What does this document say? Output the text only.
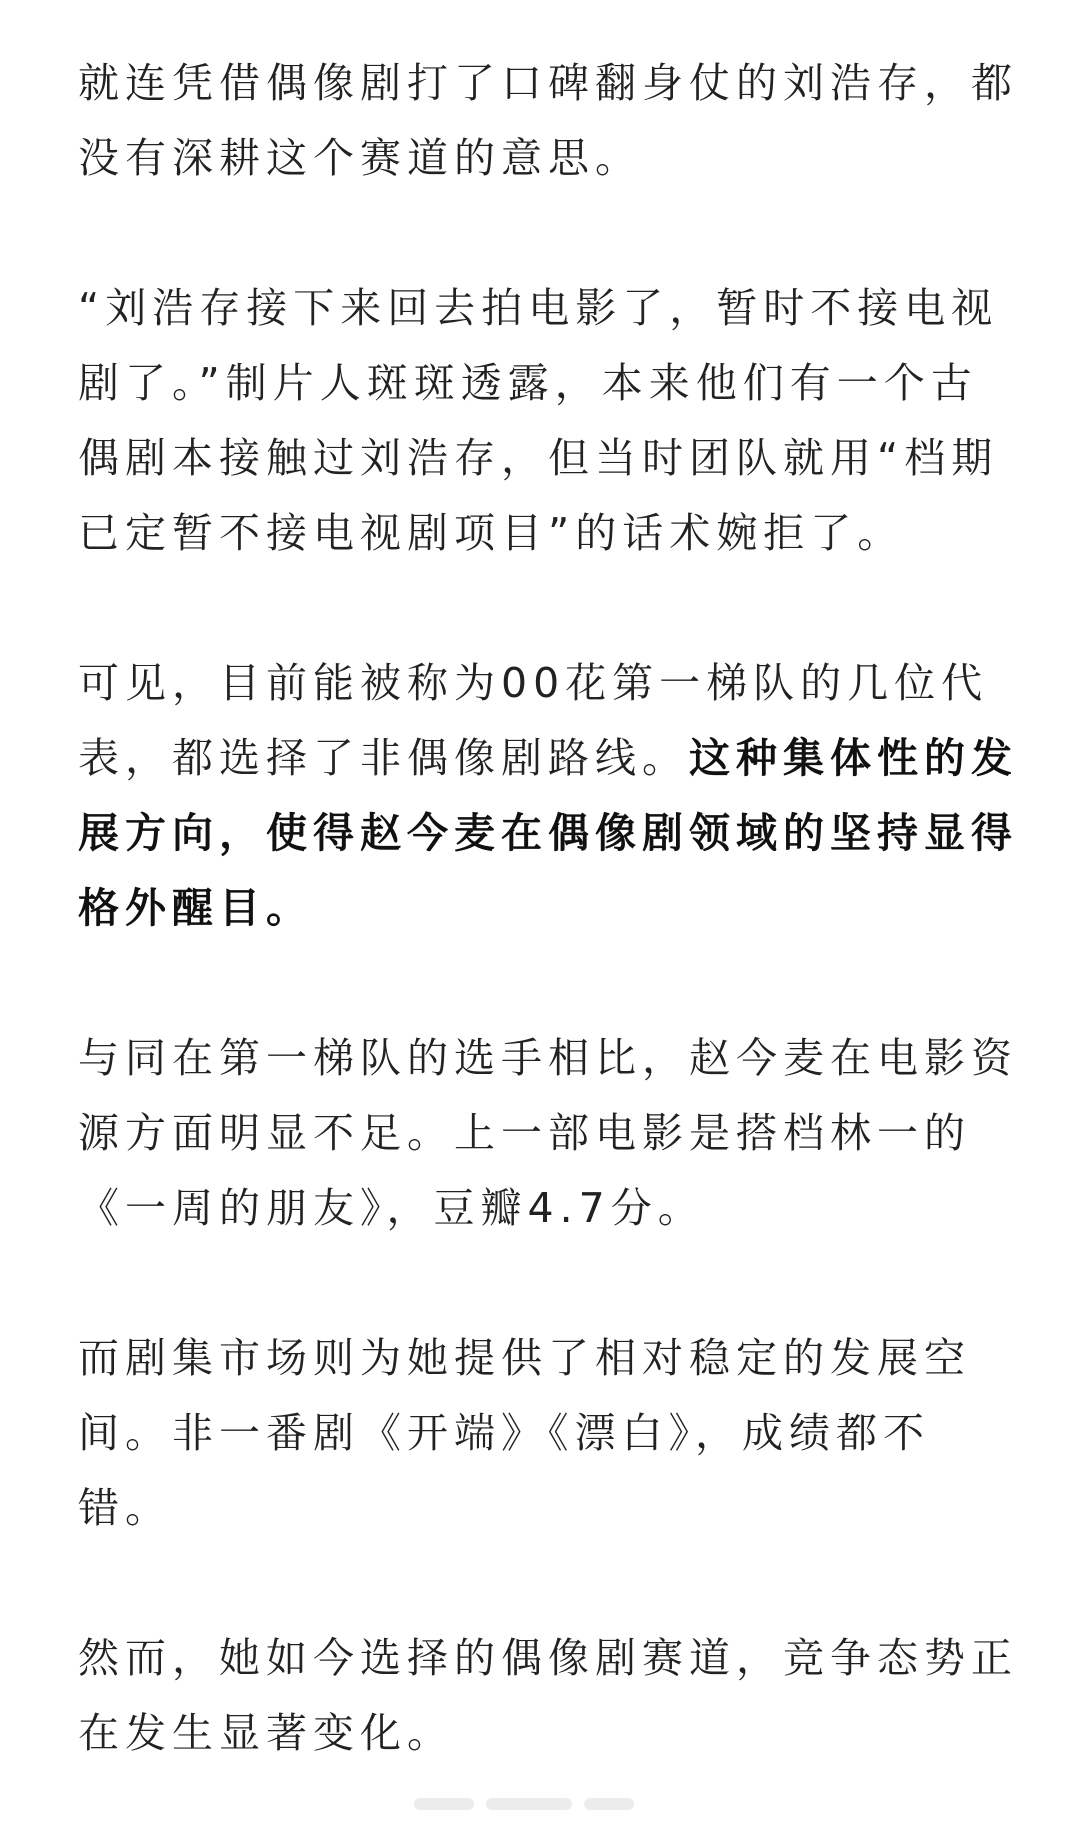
就连凭借偶像剧打了口碑翻身仗的刘浩存，都
没有深耕这个赛道的意思。

“刘浩存接下来回去拍电影了，暂时不接电视
剧了。”制片人斑斑透露，本来他们有一个古
偶剧本接触过刘浩存，但当时团队就用“档期
已定暂不接电视剧项目”的话术婉拒了。

可见，目前能被称为00花第一梯队的几位代
表，都选择了非偶像剧路线。这种集体性的发
展方向，使得赵今麦在偶像剧领域的坚持显得
格外醒目。

与同在第一梯队的选手相比，赵今麦在电影资
源方面明显不足。上一部电影是搭档林一的
《一周的朋友》，豆瓣4.7分。

而剧集市场则为她提供了相对稳定的发展空
间。非一番剧《开端》《漂白》，成绩都不
错。

然而，她如今选择的偶像剧赛道，竞争态势正
在发生显著变化。
